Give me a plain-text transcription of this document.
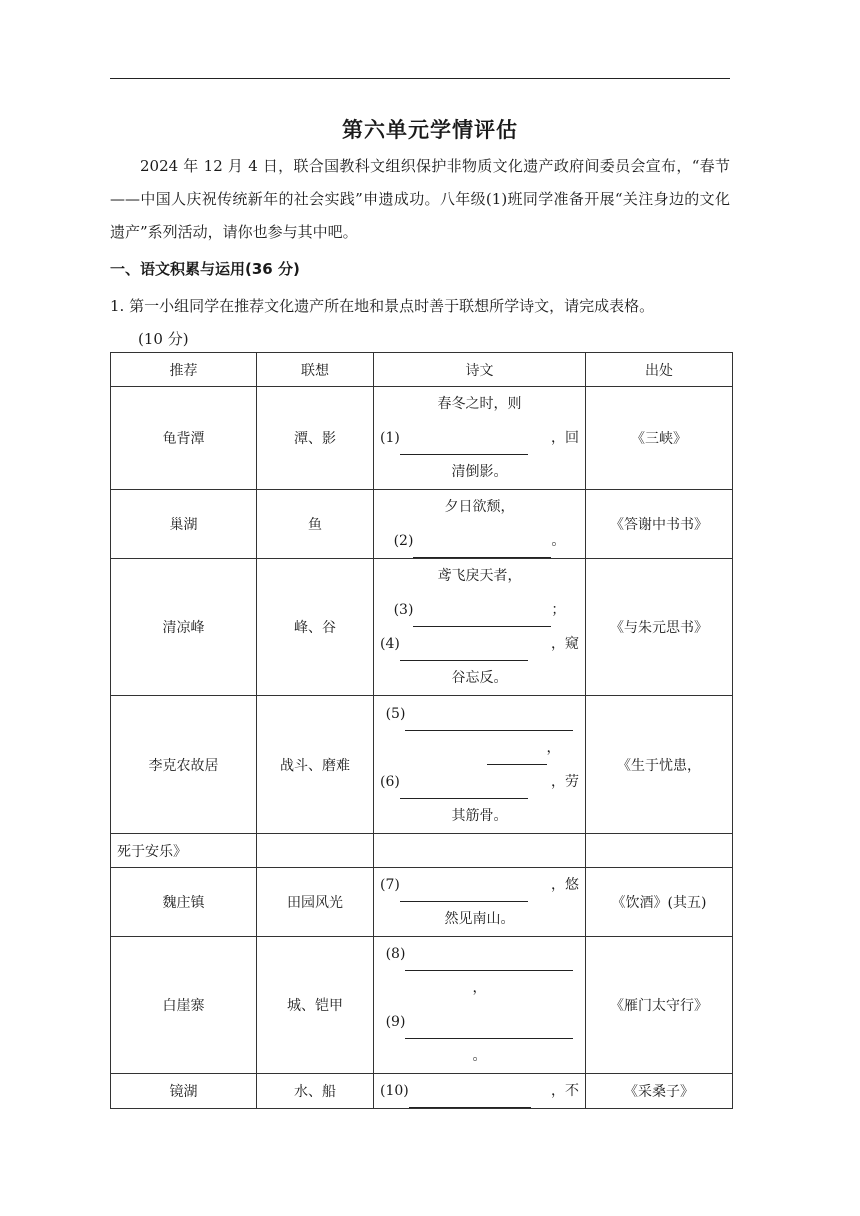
第六单元学情评估
2024 年 12 月 4 日，联合国教科文组织保护非物质文化遗产政府间委员会宣布，“春节——中国人庆祝传统新年的社会实践”申遗成功。八年级(1)班同学准备开展“关注身边的文化遗产”系列活动，请你也参与其中吧。
一、语文积累与运用(36 分)
1. 第一小组同学在推荐文化遗产所在地和景点时善于联想所学诗文，请完成表格。
(10 分)
推荐	联想	诗文	出处
龟背潭	潭、影	春冬之时，则
(1) ，回
清倒影。	《三峡》
巢湖	鱼	夕日欲颓，
(2) 。	《答谢中书书》
清凉峰	峰、谷	鸢飞戾天者，
(3) ；
(4) ，窥
谷忘反。	《与朱元思书》
李克农故居	战斗、磨难	(5)
，
(6) ，劳
其筋骨。	《生于忧患，
死于安乐》			
魏庄镇	田园风光	(7) ，悠
然见南山。	《饮酒》(其五)
白崖寨	城、铠甲	(8)
，
(9)
。	《雁门太守行》
镜湖	水、船	(10) ，不	《采桑子》
